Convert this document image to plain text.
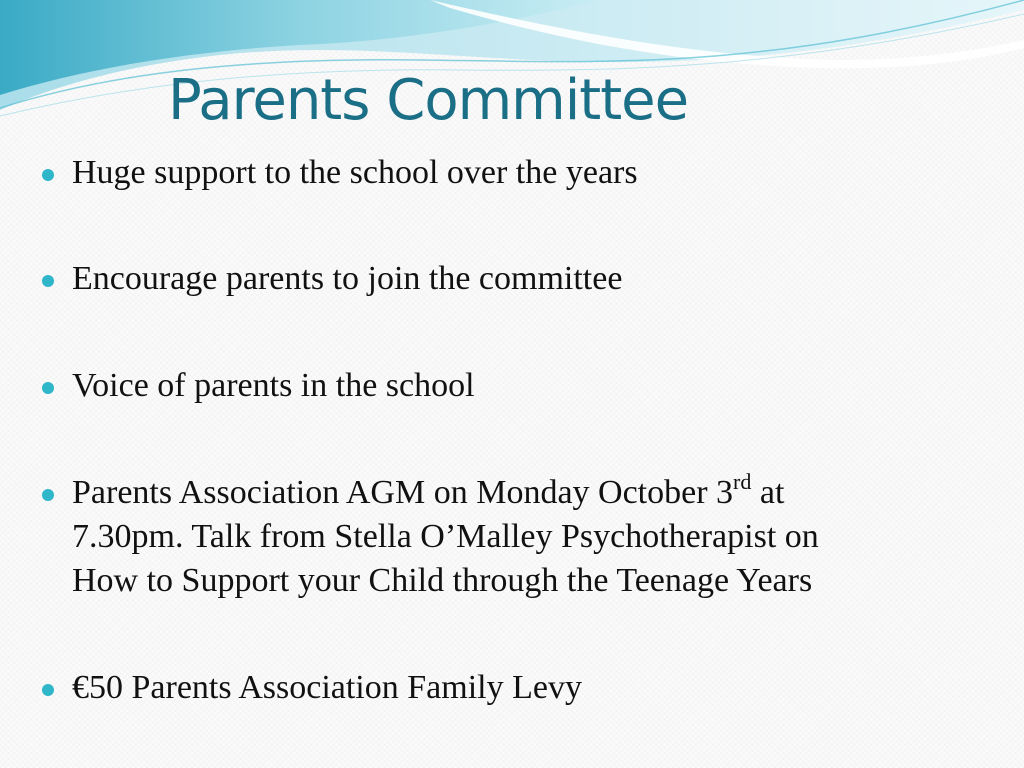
Parents Committee
Huge support to the school over the years
Encourage parents to join the committee
Voice of parents in the school
Parents Association AGM on Monday October 3rd at
7.30pm. Talk from Stella O’Malley Psychotherapist on
How to Support your Child through the Teenage Years
€50 Parents Association Family Levy
